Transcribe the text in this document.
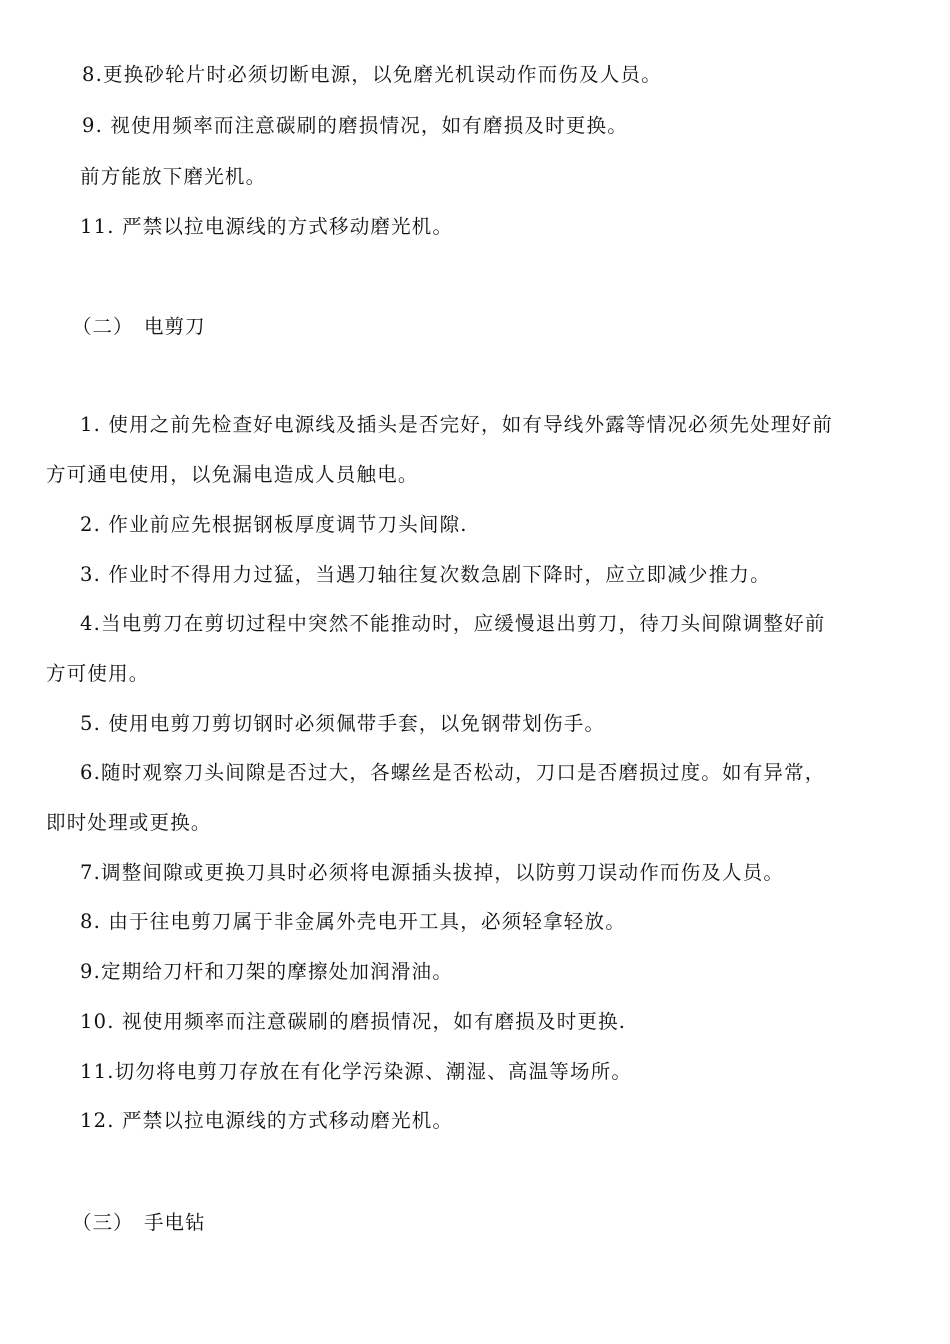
8.更换砂轮片时必须切断电源，以免磨光机误动作而伤及人员。
9. 视使用频率而注意碳刷的磨损情况，如有磨损及时更换。
前方能放下磨光机。
11. 严禁以拉电源线的方式移动磨光机。
（二） 电剪刀
1. 使用之前先检查好电源线及插头是否完好，如有导线外露等情况必须先处理好前
方可通电使用，以免漏电造成人员触电。
2. 作业前应先根据钢板厚度调节刀头间隙.
3. 作业时不得用力过猛，当遇刀轴往复次数急剧下降时，应立即减少推力。
4.当电剪刀在剪切过程中突然不能推动时，应缓慢退出剪刀，待刀头间隙调整好前
方可使用。
5. 使用电剪刀剪切钢时必须佩带手套，以免钢带划伤手。
6.随时观察刀头间隙是否过大，各螺丝是否松动，刀口是否磨损过度。如有异常，
即时处理或更换。
7.调整间隙或更换刀具时必须将电源插头拔掉，以防剪刀误动作而伤及人员。
8. 由于往电剪刀属于非金属外壳电开工具，必须轻拿轻放。
9.定期给刀杆和刀架的摩擦处加润滑油。
10. 视使用频率而注意碳刷的磨损情况，如有磨损及时更换.
11.切勿将电剪刀存放在有化学污染源、潮湿、高温等场所。
12. 严禁以拉电源线的方式移动磨光机。
（三） 手电钻
